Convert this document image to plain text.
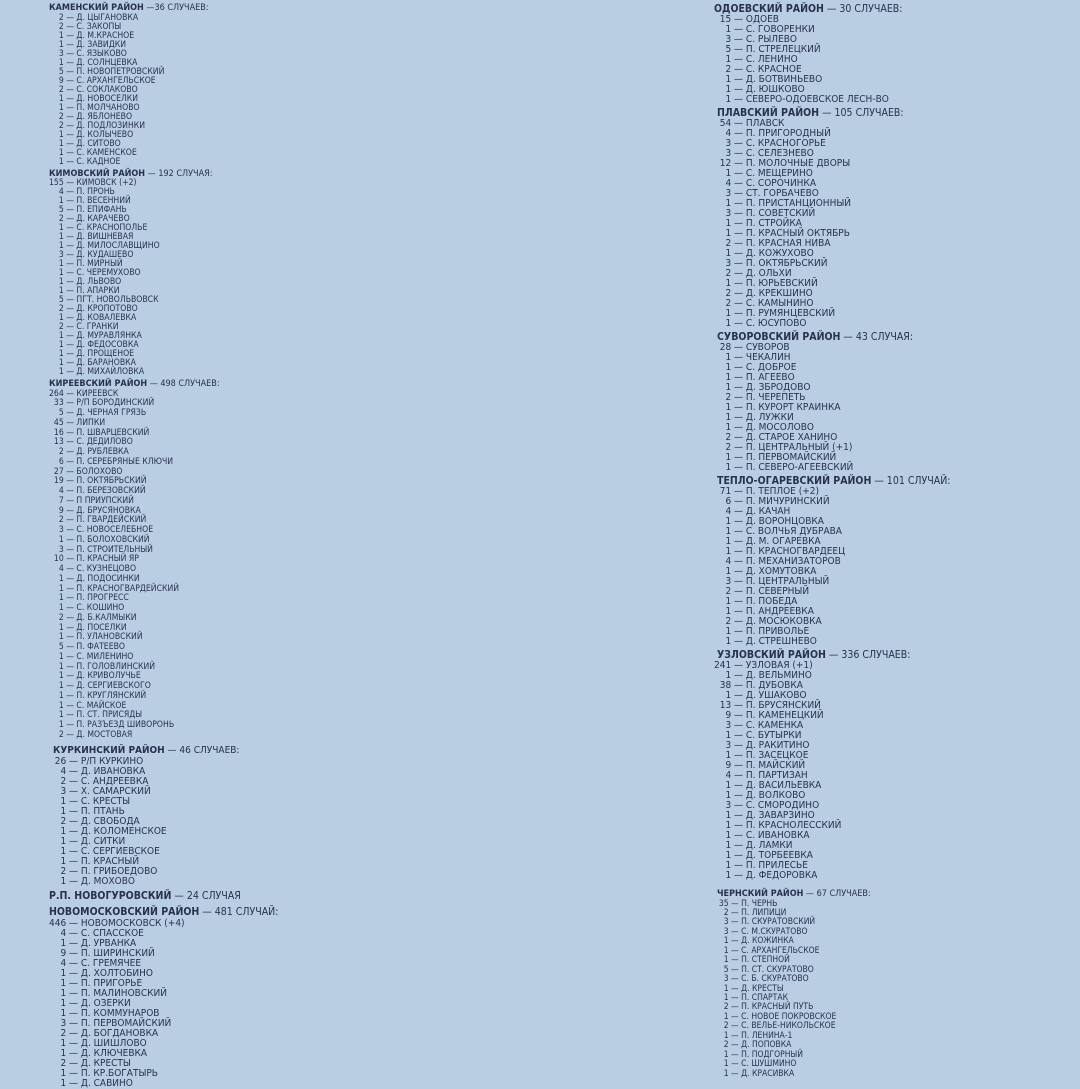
КАМЕНСКИЙ РАЙОН —36 СЛУЧАЕВ:
  2 — Д. ЦЫГАНОВКА
  2 — С. ЗАКОПЫ
  1 — Д. М.КРАСНОЕ
  1 — Д. ЗАВИДКИ
  3 — С. ЯЗЫКОВО
  1 — Д. СОЛНЦЕВКА
  5 — П. НОВОПЕТРОВСКИЙ
  9 — С. АРХАНГЕЛЬСКОЕ
  2 — С. СОКЛАКОВО
  1 — Д. НОВОСЕЛКИ
  1 — П. МОЛЧАНОВО
  2 — Д. ЯБЛОНЕВО
  2 — Д. ПОДЛОЗИНКИ
  1 — Д. КОЛЫЧЕВО
  1 — Д. СИТОВО
  1 — С. КАМЕНСКОЕ
  1 — С. КАДНОЕ
КИМОВСКИЙ РАЙОН — 192 СЛУЧАЯ:
155 — КИМОВСК (+2)
  4 — П. ПРОНЬ
  1 — П. ВЕСЕННИЙ
  5 — П. ЕПИФАНЬ
  2 — Д. КАРАЧЕВО
  1 — С. КРАСНОПОЛЬЕ
  1 — Д. ВИШНЕВАЯ
  1 — Д. МИЛОСЛАВЩИНО
  3 — Д. КУДАШЕВО
  1 — П. МИРНЫЙ
  1 — С. ЧЕРЕМУХОВО
  1 — Д. ЛЬВОВО
  1 — П. АПАРКИ
  5 — ПГТ. НОВОЛЬВОВСК
  2 — Д. КРОПОТОВО
  1 — Д. КОВАЛЕВКА
  2 — С. ГРАНКИ
  1 — Д. МУРАВЛЯНКА
  1 — Д. ФЕДОСОВКА
  1 — Д. ПРОЩЕНОЕ
  1 — Д. БАРАНОВКА
  1 — Д. МИХАЙЛОВКА
КИРЕЕВСКИЙ РАЙОН — 498 СЛУЧАЕВ:
264 — КИРЕЕВСК
 33 — Р/П БОРОДИНСКИЙ
  5 — Д. ЧЕРНАЯ ГРЯЗЬ
 45 — ЛИПКИ
 16 — П. ШВАРЦЕВСКИЙ
 13 — С. ДЕДИЛОВО
  2 — Д. РУБЛЕВКА
  6 — П. СЕРЕБРЯНЫЕ КЛЮЧИ
 27 — БОЛОХОВО
 19 — П. ОКТЯБРЬСКИЙ
  4 — П. БЕРЕЗОВСКИЙ
  7 — П ПРИУПСКИЙ
  9 — Д. БРУСЯНОВКА
  2 — П. ГВАРДЕЙСКИЙ
  3 — С. НОВОСЕЛЕБНОЕ
  1 — П. БОЛОХОВСКИЙ
  3 — П. СТРОИТЕЛЬНЫЙ
 10 — П. КРАСНЫЙ ЯР
  4 — С. КУЗНЕЦОВО
  1 — Д. ПОДОСИНКИ
  1 — П. КРАСНОГВАРДЕЙСКИЙ
  1 — П. ПРОГРЕСС
  1 — С. КОШИНО
  2 — Д. Б.КАЛМЫКИ
  1 — Д. ПОСЕЛКИ
  1 — П. УЛАНОВСКИЙ
  5 — П. ФАТЕЕВО
  1 — С. МИЛЕНИНО
  1 — П. ГОЛОВЛИНСКИЙ
  1 — Д. КРИВОЛУЧЬЕ
  1 — Д. СЕРГИЕВСКОГО
  1 — П. КРУГЛЯНСКИЙ
  1 — С. МАЙСКОЕ
  1 — П. СТ. ПРИСЯДЫ
  1 — П. РАЗЪЕЗД ШИВОРОНЬ
  2 — Д. МОСТОВАЯ
КУРКИНСКИЙ РАЙОН — 46 СЛУЧАЕВ:
 26 — Р/П КУРКИНО
  4 — Д. ИВАНОВКА
  2 — С. АНДРЕЕВКА
  3 — Х. САМАРСКИЙ
  1 — С. КРЕСТЫ
  1 — П. ПТАНЬ
  2 — Д. СВОБОДА
  1 — Д. КОЛОМЕНСКОЕ
  1 — Д. СИТКИ
  1 — С. СЕРГИЕВСКОЕ
  1 — П. КРАСНЫЙ
  2 — П. ГРИБОЕДОВО
  1 — Д. МОХОВО
Р.П. НОВОГУРОВСКИЙ — 24 СЛУЧАЯ
НОВОМОСКОВСКИЙ РАЙОН — 481 СЛУЧАЙ:
446 — НОВОМОСКОВСК (+4)
  4 — С. СПАССКОЕ
  1 — Д. УРВАНКА
  9 — П. ШИРИНСКИЙ
  4 — С. ГРЕМЯЧЕЕ
  1 — Д. ХОЛТОБИНО
  1 — П. ПРИГОРЬЕ
  1 — П. МАЛИНОВСКИЙ
  1 — Д. ОЗЕРКИ
  1 — П. КОММУНАРОВ
  3 — П. ПЕРВОМАЙСКИЙ
  2 — Д. БОГДАНОВКА
  1 — Д. ШИШЛОВО
  1 — Д. КЛЮЧЕВКА
  2 — Д. КРЕСТЫ
  1 — П. КР.БОГАТЫРЬ
  1 — Д. САВИНО
ОДОЕВСКИЙ РАЙОН — 30 СЛУЧАЕВ:
 15 — ОДОЕВ
  1 — С. ГОВОРЕНКИ
  3 — С. РЫЛЕВО
  5 — П. СТРЕЛЕЦКИЙ
  1 — С. ЛЕНИНО
  2 — С. КРАСНОЕ
  1 — Д. БОТВИНЬЕВО
  1 — Д. ЮШКОВО
  1 — СЕВЕРО-ОДОЕВСКОЕ ЛЕСН-ВО
ПЛАВСКИЙ РАЙОН — 105 СЛУЧАЕВ:
 54 — ПЛАВСК
  4 — П. ПРИГОРОДНЫЙ
  3 — С. КРАСНОГОРЬЕ
  3 — С. СЕЛЕЗНЕВО
 12 — П. МОЛОЧНЫЕ ДВОРЫ
  1 — С. МЕЩЕРИНО
  4 — С. СОРОЧИНКА
  3 — СТ. ГОРБАЧЕВО
  1 — П. ПРИСТАНЦИОННЫЙ
  3 — П. СОВЕТСКИЙ
  1 — П. СТРОЙКА
  1 — П. КРАСНЫЙ ОКТЯБРЬ
  2 — П. КРАСНАЯ НИВА
  1 — Д. КОЖУХОВО
  3 — П. ОКТЯБРЬСКИЙ
  2 — Д. ОЛЬХИ
  1 — П. ЮРЬЕВСКИЙ
  2 — Д. КРЕКШИНО
  2 — С. КАМЫНИНО
  1 — П. РУМЯНЦЕВСКИЙ
  1 — С. ЮСУПОВО
СУВОРОВСКИЙ РАЙОН — 43 СЛУЧАЯ:
 28 — СУВОРОВ
  1 — ЧЕКАЛИН
  1 — С. ДОБРОЕ
  1 — П. АГЕЕВО
  1 — Д. ЗБРОДОВО
  2 — П. ЧЕРЕПЕТЬ
  1 — П. КУРОРТ КРАИНКА
  1 — Д. ЛУЖКИ
  1 — Д. МОСОЛОВО
  2 — Д. СТАРОЕ ХАНИНО
  2 — П. ЦЕНТРАЛЬНЫЙ (+1)
  1 — П. ПЕРВОМАЙСКИЙ
  1 — П. СЕВЕРО-АГЕЕВСКИЙ
ТЕПЛО-ОГАРЕВСКИЙ РАЙОН — 101 СЛУЧАЙ:
 71 — П. ТЕПЛОЕ (+2)
  6 — П. МИЧУРИНСКИЙ
  4 — Д. КАЧАН
  1 — Д. ВОРОНЦОВКА
  1 — С. ВОЛЧЬЯ ДУБРАВА
  1 — Д. М. ОГАРЕВКА
  1 — П. КРАСНОГВАРДЕЕЦ
  4 — П. МЕХАНИЗАТОРОВ
  1 — Д. ХОМУТОВКА
  3 — П. ЦЕНТРАЛЬНЫЙ
  2 — П. СЕВЕРНЫЙ
  1 — П. ПОБЕДА
  1 — П. АНДРЕЕВКА
  2 — Д. МОСЮКОВКА
  1 — П. ПРИВОЛЬЕ
  1 — Д. СТРЕШНЕВО
УЗЛОВСКИЙ РАЙОН — 336 СЛУЧАЕВ:
241 — УЗЛОВАЯ (+1)
  1 — Д. ВЕЛЬМИНО
 38 — П. ДУБОВКА
  1 — Д. УШАКОВО
 13 — П. БРУСЯНСКИЙ
  9 — П. КАМЕНЕЦКИЙ
  3 — С. КАМЕНКА
  1 — С. БУТЫРКИ
  3 — Д. РАКИТИНО
  1 — П. ЗАСЕЦКОЕ
  9 — П. МАЙСКИЙ
  4 — П. ПАРТИЗАН
  1 — Д. ВАСИЛЬЕВКА
  1 — Д. ВОЛКОВО
  3 — С. СМОРОДИНО
  1 — Д. ЗАВАРЗИНО
  1 — П. КРАСНОЛЕССКИЙ
  1 — С. ИВАНОВКА
  1 — Д. ЛАМКИ
  1 — Д. ТОРБЕЕВКА
  1 — П. ПРИЛЕСЬЕ
  1 — Д. ФЕДОРОВКА
ЧЕРНСКИЙ РАЙОН — 67 СЛУЧАЕВ:
 35 — П. ЧЕРНЬ
  2 — П. ЛИПИЦИ
  3 — П. СКУРАТОВСКИЙ
  3 — С. М.СКУРАТОВО
  1 — Д. КОЖИНКА
  1 — С. АРХАНГЕЛЬСКОЕ
  1 — П. СТЕПНОЙ
  5 — П. СТ. СКУРАТОВО
  3 — С. Б. СКУРАТОВО
  1 — Д. КРЕСТЫ
  1 — П. СПАРТАК
  2 — П. КРАСНЫЙ ПУТЬ
  1 — С. НОВОЕ ПОКРОВСКОЕ
  2 — С. ВЕЛЬЕ-НИКОЛЬСКОЕ
  1 — П. ЛЕНИНА-1
  2 — Д. ПОПОВКА
  1 — П. ПОДГОРНЫЙ
  1 — С. ШУШМИНО
  1 — Д. КРАСИВКА
